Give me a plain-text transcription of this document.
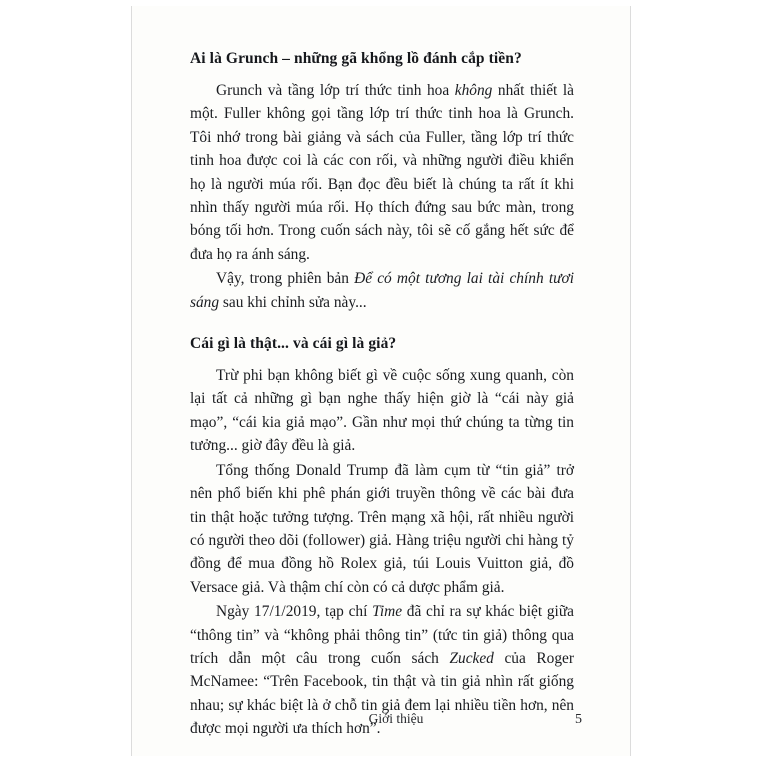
Ai là Grunch – những gã khổng lồ đánh cắp tiền?

Grunch và tầng lớp trí thức tinh hoa không nhất thiết là một. Fuller không gọi tầng lớp trí thức tinh hoa là Grunch. Tôi nhớ trong bài giảng và sách của Fuller, tầng lớp trí thức tinh hoa được coi là các con rối, và những người điều khiển họ là người múa rối. Bạn đọc đều biết là chúng ta rất ít khi nhìn thấy người múa rối. Họ thích đứng sau bức màn, trong bóng tối hơn. Trong cuốn sách này, tôi sẽ cố gắng hết sức để đưa họ ra ánh sáng.

Vậy, trong phiên bản Để có một tương lai tài chính tươi sáng sau khi chỉnh sửa này...

Cái gì là thật... và cái gì là giả?

Trừ phi bạn không biết gì về cuộc sống xung quanh, còn lại tất cả những gì bạn nghe thấy hiện giờ là “cái này giả mạo”, “cái kia giả mạo”. Gần như mọi thứ chúng ta từng tin tưởng... giờ đây đều là giả.

Tổng thống Donald Trump đã làm cụm từ “tin giả” trở nên phổ biến khi phê phán giới truyền thông về các bài đưa tin thật hoặc tưởng tượng. Trên mạng xã hội, rất nhiều người có người theo dõi (follower) giả. Hàng triệu người chi hàng tỷ đồng để mua đồng hồ Rolex giả, túi Louis Vuitton giả, đồ Versace giả. Và thậm chí còn có cả dược phẩm giả.

Ngày 17/1/2019, tạp chí Time đã chỉ ra sự khác biệt giữa “thông tin” và “không phải thông tin” (tức tin giả) thông qua trích dẫn một câu trong cuốn sách Zucked của Roger McNamee: “Trên Facebook, tin thật và tin giả nhìn rất giống nhau; sự khác biệt là ở chỗ tin giả đem lại nhiều tiền hơn, nên được mọi người ưa thích hơn”.

Giới thiệu	5
